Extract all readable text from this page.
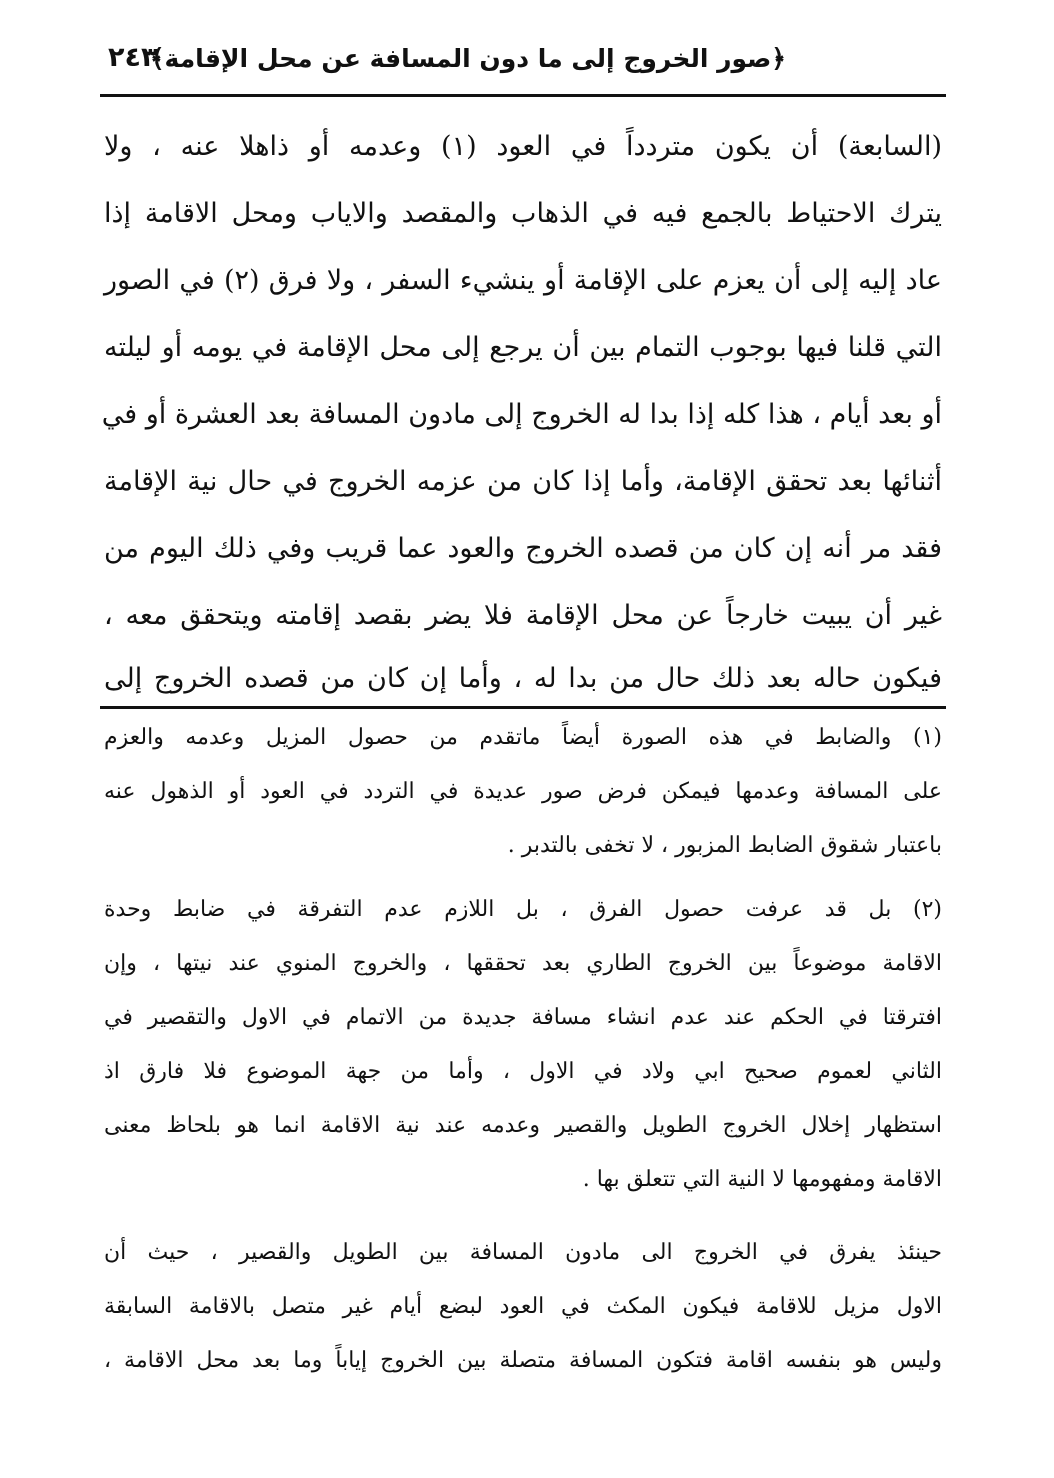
﴿صور الخروج إلى ما دون المسافة عن محل الإقامة﴾
٢٤٣
(السابعة) أن يكون متردداً في العود (١) وعدمه أو ذاهلا عنه ، ولا
يترك الاحتياط بالجمع فيه في الذهاب والمقصد والاياب ومحل الاقامة إذا
عاد إليه إلى أن يعزم على الإقامة أو ينشيء السفر ، ولا فرق (٢) في الصور
التي قلنا فيها بوجوب التمام بين أن يرجع إلى محل الإقامة في يومه أو ليلته
أو بعد أيام ، هذا كله إذا بدا له الخروج إلى مادون المسافة بعد العشرة أو في
أثنائها بعد تحقق الإقامة، وأما إذا كان من عزمه الخروج في حال نية الإقامة
فقد مر أنه إن كان من قصده الخروج والعود عما قريب وفي ذلك اليوم من
غير أن يبيت خارجاً عن محل الإقامة فلا يضر بقصد إقامته ويتحقق معه ،
فيكون حاله بعد ذلك حال من بدا له ، وأما إن كان من قصده الخروج إلى
(١) والضابط في هذه الصورة أيضاً ماتقدم من حصول المزيل وعدمه والعزم
على المسافة وعدمها فيمكن فرض صور عديدة في التردد في العود أو الذهول عنه
باعتبار شقوق الضابط المزبور ، لا تخفى بالتدبر .
(٢) بل قد عرفت حصول الفرق ، بل اللازم عدم التفرقة في ضابط وحدة
الاقامة موضوعاً بين الخروج الطاري بعد تحققها ، والخروج المنوي عند نيتها ، وإن
افترقتا في الحكم عند عدم انشاء مسافة جديدة من الاتمام في الاول والتقصير في
الثاني لعموم صحيح ابي ولاد في الاول ، وأما من جهة الموضوع فلا فارق اذ
استظهار إخلال الخروج الطويل والقصير وعدمه عند نية الاقامة انما هو بلحاظ معنى
الاقامة ومفهومها لا النية التي تتعلق بها .
حينئذ يفرق في الخروج الى مادون المسافة بين الطويل والقصير ، حيث أن
الاول مزيل للاقامة فيكون المكث في العود لبضع أيام غير متصل بالاقامة السابقة
وليس هو بنفسه اقامة فتكون المسافة متصلة بين الخروج إياباً وما بعد محل الاقامة ،
